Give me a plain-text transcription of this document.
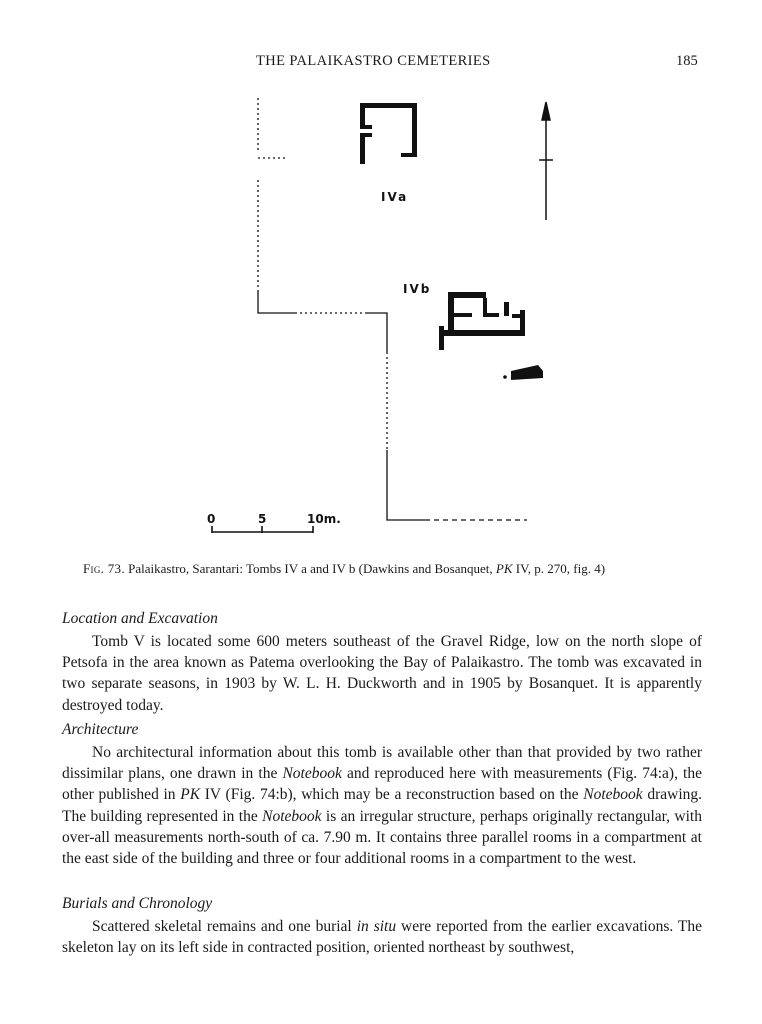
THE PALAIKASTRO CEMETERIES	185
IVa
IVb
0	5	10m.
Fig. 73. Palaikastro, Sarantari: Tombs IV a and IV b (Dawkins and Bosanquet, PK IV, p. 270, fig. 4)
Location and Excavation

Tomb V is located some 600 meters southeast of the Gravel Ridge, low on the north slope of Petsofa in the area known as Patema overlooking the Bay of Palaikastro. The tomb was excavated in two separate seasons, in 1903 by W. L. H. Duckworth and in 1905 by Bosanquet. It is apparently destroyed today.

Architecture

No architectural information about this tomb is available other than that provided by two rather dissimilar plans, one drawn in the Notebook and reproduced here with measurements (Fig. 74:a), the other published in PK IV (Fig. 74:b), which may be a reconstruction based on the Notebook drawing. The building represented in the Notebook is an irregular structure, perhaps originally rectangular, with over-all measurements north-south of ca. 7.90 m. It contains three parallel rooms in a compartment at the east side of the building and three or four additional rooms in a compartment to the west.

Burials and Chronology

Scattered skeletal remains and one burial in situ were reported from the earlier excavations. The skeleton lay on its left side in contracted position, oriented northeast by southwest,
